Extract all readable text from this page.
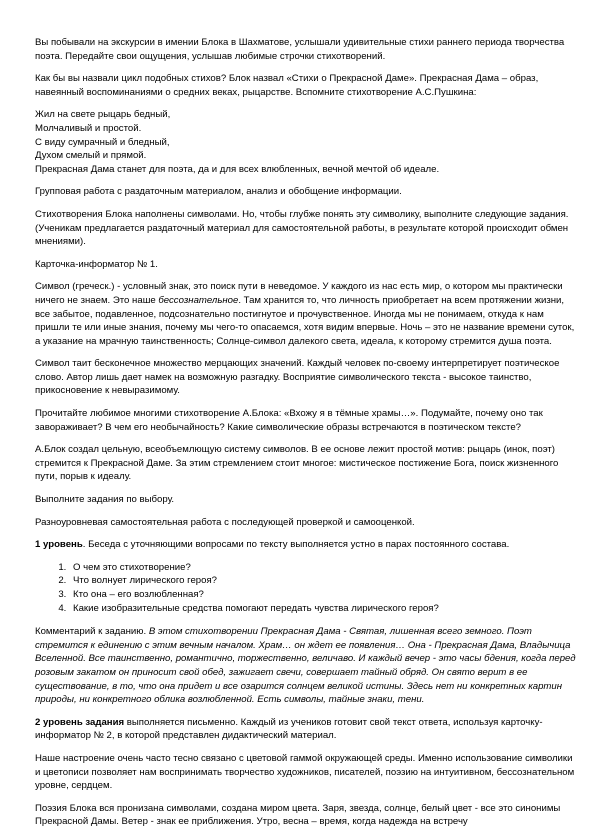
Вы побывали на экскурсии в имении Блока в Шахматове, услышали удивительные стихи раннего периода творчества поэта. Передайте свои ощущения, услышав любимые строчки стихотворений.

Как бы вы назвали цикл подобных стихов? Блок назвал «Стихи о Прекрасной Даме». Прекрасная Дама – образ, навеянный воспоминаниями о средних веках, рыцарстве. Вспомните стихотворение А.С.Пушкина:

Жил на свете рыцарь бедный,
Молчаливый и простой.
С виду сумрачный и бледный,
Духом смелый и прямой.
Прекрасная Дама станет для поэта, да и для всех влюбленных, вечной мечтой об идеале.

Групповая работа с раздаточным материалом, анализ и обобщение информации.

Стихотворения Блока наполнены символами. Но, чтобы глубже понять эту символику, выполните следующие задания. (Ученикам предлагается раздаточный материал для самостоятельной работы, в результате которой происходит обмен мнениями).

Карточка-информатор № 1.

Символ (греческ.) - условный знак, это поиск пути в неведомое. У каждого из нас есть мир, о котором мы практически ничего не знаем. Это наше бессознательное. Там хранится то, что личность приобретает на всем протяжении жизни, все забытое, подавленное, подсознательно постигнутое и прочувственное. Иногда мы не понимаем, откуда к нам пришли те или иные знания, почему мы чего-то опасаемся, хотя видим впервые. Ночь – это не название времени суток, а указание на мрачную таинственность; Солнце-символ далекого света, идеала, к которому стремится душа поэта.

Символ таит бесконечное множество мерцающих значений. Каждый человек по-своему интерпретирует поэтическое слово. Автор лишь дает намек на возможную разгадку. Восприятие символического текста - высокое таинство, прикосновение к невыразимому.

Прочитайте любимое многими стихотворение А.Блока: «Вхожу я в тёмные храмы…». Подумайте, почему оно так завораживает? В чем его необычайность? Какие символические образы встречаются в поэтическом тексте?

А.Блок создал цельную, всеобъемлющую систему символов. В ее основе лежит простой мотив: рыцарь (инок, поэт) стремится к Прекрасной Даме. За этим стремлением стоит многое: мистическое постижение Бога, поиск жизненного пути, порыв к идеалу.

Выполните задания по выбору.

Разноуровневая самостоятельная работа с последующей проверкой и самооценкой.

1 уровень. Беседа с уточняющими вопросами по тексту выполняется устно в парах постоянного состава.

1. О чем это стихотворение?
2. Что волнует лирического героя?
3. Кто она – его возлюбленная?
4. Какие изобразительные средства помогают передать чувства лирического героя?

Комментарий к заданию. В этом стихотворении Прекрасная Дама - Святая, лишенная всего земного. Поэт стремится к единению с этим вечным началом. Храм… он ждет ее появления… Она - Прекрасная Дама, Владычица Вселенной. Все таинственно, романтично, торжественно, величаво. И каждый вечер - это часы бдения, когда перед розовым закатом он приносит свой обед, зажигает свечи, совершает тайный обряд. Он свято верит в ее существование, в то, что она придет и все озарится солнцем великой истины. Здесь нет ни конкретных картин природы, ни конкретного облика возлюбленной. Есть символы, тайные знаки, тени.

2 уровень задания выполняется письменно. Каждый из учеников готовит свой текст ответа, используя карточку-информатор № 2, в которой представлен дидактический материал.

Наше настроение очень часто тесно связано с цветовой гаммой окружающей среды. Именно использование символики и цветописи позволяет нам воспринимать творчество художников, писателей, поэзию на интуитивном, бессознательном уровне, сердцем.

Поэзия Блока вся пронизана символами, создана миром цвета. Заря, звезда, солнце, белый цвет - все это синонимы Прекрасной Дамы. Ветер - знак ее приближения. Утро, весна – время, когда надежда на встречу
